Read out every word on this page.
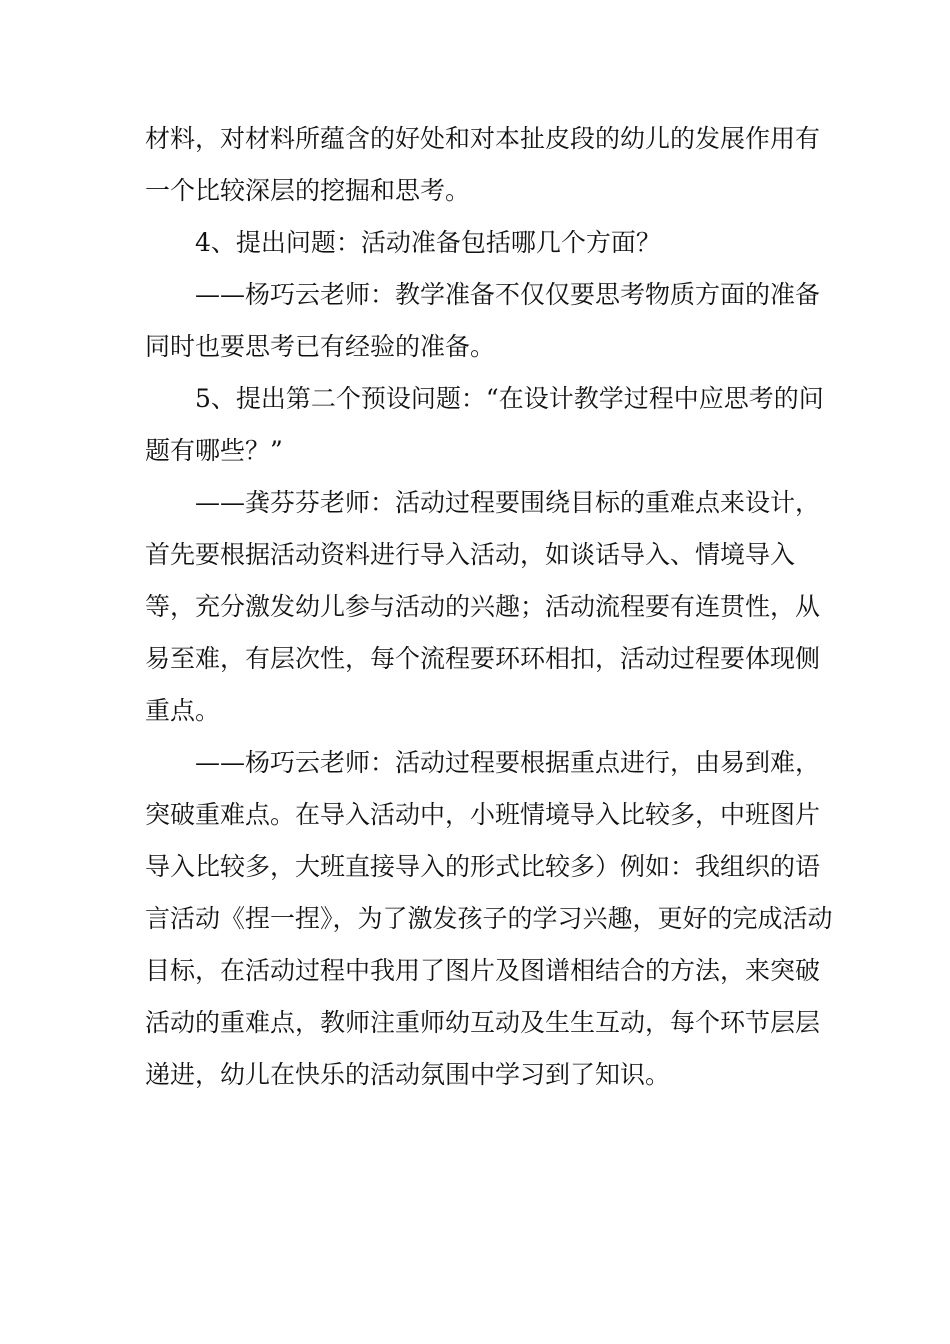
材料，对材料所蕴含的好处和对本扯皮段的幼儿的发展作用有一个比较深层的挖掘和思考。

4、提出问题：活动准备包括哪几个方面？

——杨巧云老师：教学准备不仅仅要思考物质方面的准备同时也要思考已有经验的准备。

5、提出第二个预设问题：“在设计教学过程中应思考的问题有哪些？”

——龚芬芬老师：活动过程要围绕目标的重难点来设计，首先要根据活动资料进行导入活动，如谈话导入、情境导入等，充分激发幼儿参与活动的兴趣；活动流程要有连贯性，从易至难，有层次性，每个流程要环环相扣，活动过程要体现侧重点。

——杨巧云老师：活动过程要根据重点进行，由易到难，突破重难点。在导入活动中，小班情境导入比较多，中班图片导入比较多，大班直接导入的形式比较多）例如：我组织的语言活动《捏一捏》，为了激发孩子的学习兴趣，更好的完成活动目标，在活动过程中我用了图片及图谱相结合的方法，来突破活动的重难点，教师注重师幼互动及生生互动，每个环节层层递进，幼儿在快乐的活动氛围中学习到了知识。
